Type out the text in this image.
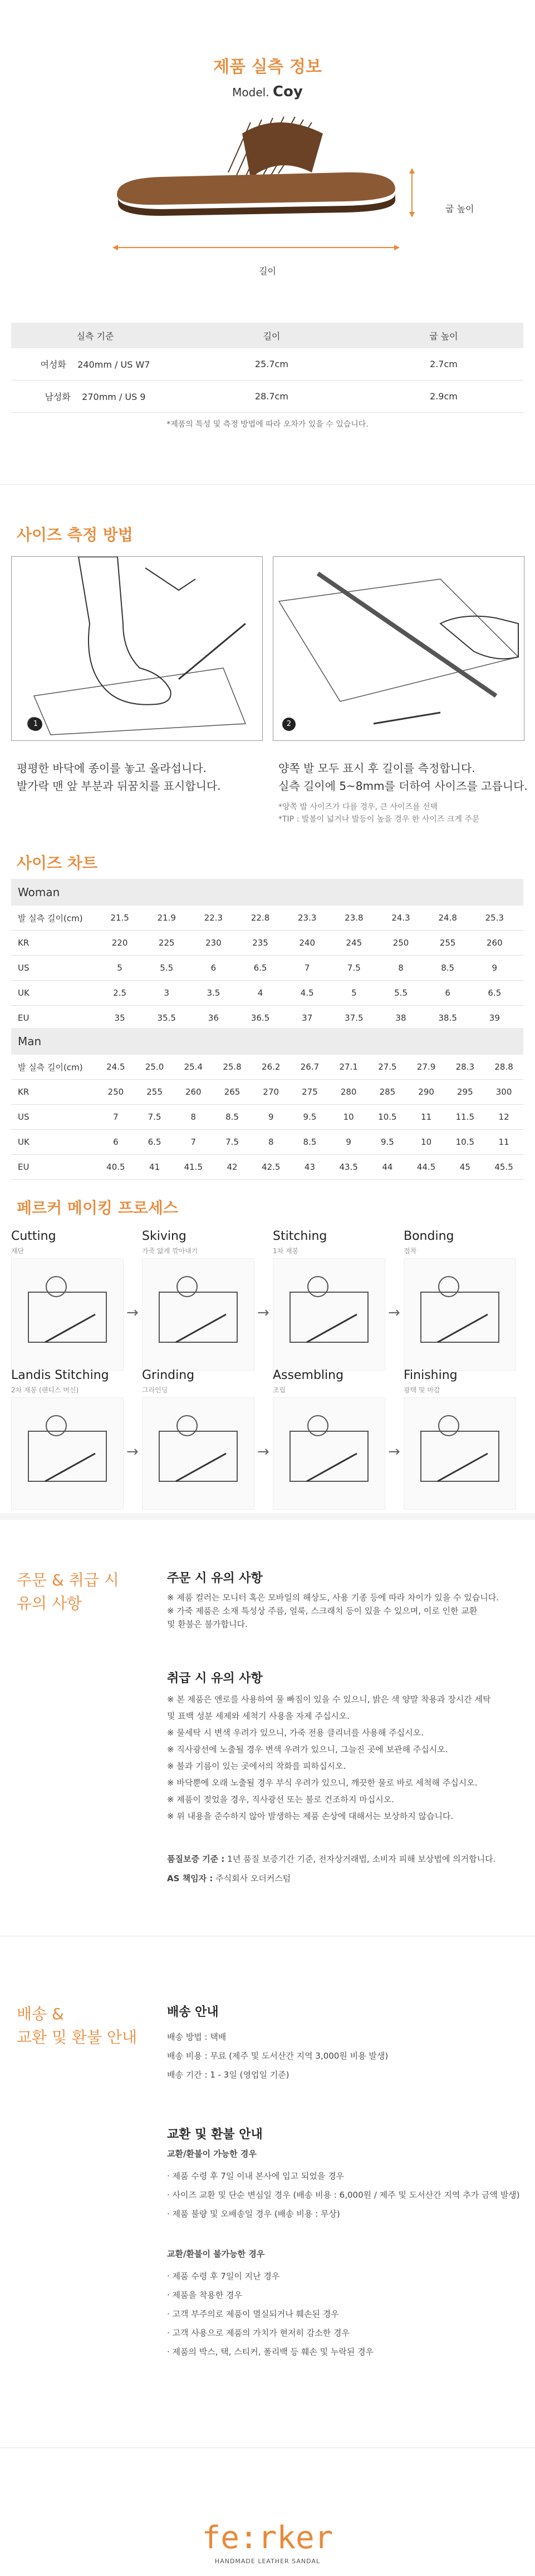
제품 실측 정보
Model. Coy
굽 높이
길이
실측 기준	길이	굽 높이
여성화 240mm / US W7	25.7cm	2.7cm
남성화 270mm / US 9	28.7cm	2.9cm
*제품의 특성 및 측정 방법에 따라 오차가 있을 수 있습니다.
사이즈 측정 방법
1	2
평평한 바닥에 종이를 놓고 올라섭니다.
발가락 맨 앞 부분과 뒤꿈치를 표시합니다.
양쪽 발 모두 표시 후 길이를 측정합니다.
실측 길이에 5~8mm를 더하여 사이즈를 고릅니다.
*양쪽 발 사이즈가 다를 경우, 큰 사이즈를 선택
*TIP : 발볼이 넓거나 발등이 높을 경우 한 사이즈 크게 주문
사이즈 차트
Woman
발 실측 길이(cm)	21.5	21.9	22.3	22.8	23.3	23.8	24.3	24.8	25.3		
KR	220	225	230	235	240	245	250	255	260		
US	5	5.5	6	6.5	7	7.5	8	8.5	9		
UK	2.5	3	3.5	4	4.5	5	5.5	6	6.5		
EU	35	35.5	36	36.5	37	37.5	38	38.5	39		
Man
발 실측 길이(cm)	24.5	25.0	25.4	25.8	26.2	26.7	27.1	27.5	27.9	28.3	28.8
KR	250	255	260	265	270	275	280	285	290	295	300
US	7	7.5	8	8.5	9	9.5	10	10.5	11	11.5	12
UK	6	6.5	7	7.5	8	8.5	9	9.5	10	10.5	11
EU	40.5	41	41.5	42	42.5	43	43.5	44	44.5	45	45.5
페르커 메이킹 프로세스
Cutting
재단
→
Skiving
가죽 얇게 깎아내기
→
Stitching
1차 재봉
→
Bonding
접착
Landis Stitching
2차 재봉 (랜디스 머신)
→
Grinding
그라인딩
→
Assembling
조립
→
Finishing
광택 및 마감
주문 & 취급 시
유의 사항
주문 시 유의 사항
※ 제품 컬러는 모니터 혹은 모바일의 해상도, 사용 기종 등에 따라 차이가 있을 수 있습니다.
※ 가죽 제품은 소재 특성상 주름, 얼룩, 스크래치 등이 있을 수 있으며, 이로 인한 교환
및 환불은 불가합니다.
취급 시 유의 사항
※ 본 제품은 앤로를 사용하여 물 빠짐이 있을 수 있으니, 밝은 색 양말 착용과 장시간 세탁
및 표백 성분 세제와 세척기 사용을 자제 주십시오.
※ 물세탁 시 변색 우려가 있으니, 가죽 전용 클리너를 사용해 주십시오.
※ 직사광선에 노출될 경우 변색 우려가 있으니, 그늘진 곳에 보관해 주십시오.
※ 불과 기름이 있는 곳에서의 착화를 피하십시오.
※ 바닥뿐에 오래 노출될 경우 부식 우려가 있으니, 깨끗한 물로 바로 세척해 주십시오.
※ 제품이 젖었을 경우, 직사광선 또는 불로 건조하지 마십시오.
※ 위 내용을 준수하지 않아 발생하는 제품 손상에 대해서는 보상하지 않습니다.
품질보증 기준 : 1년 품질 보증기간 기준, 전자상거래법, 소비자 피해 보상법에 의거합니다.
AS 책임자 : 주식회사 오더커스텀
배송 &
교환 및 환불 안내
배송 안내
배송 방법 : 택배
배송 비용 : 무료 (제주 및 도서산간 지역 3,000원 비용 발생)
배송 기간 : 1 - 3일 (영업일 기준)
교환 및 환불 안내
교환/환불이 가능한 경우
· 제품 수령 후 7일 이내 본사에 입고 되었을 경우
· 사이즈 교환 및 단순 변심일 경우 (배송 비용 : 6,000원 / 제주 및 도서산간 지역 추가 금액 발생)
· 제품 불량 및 오배송일 경우 (배송 비용 : 무상)
교환/환불이 불가능한 경우
· 제품 수령 후 7일이 지난 경우
· 제품을 착용한 경우
· 고객 부주의로 제품이 멸실되거나 훼손된 경우
· 고객 사용으로 제품의 가치가 현저히 감소한 경우
· 제품의 박스, 택, 스티커, 폴리백 등 훼손 및 누락된 경우
fe:rker
HANDMADE LEATHER SANDAL
